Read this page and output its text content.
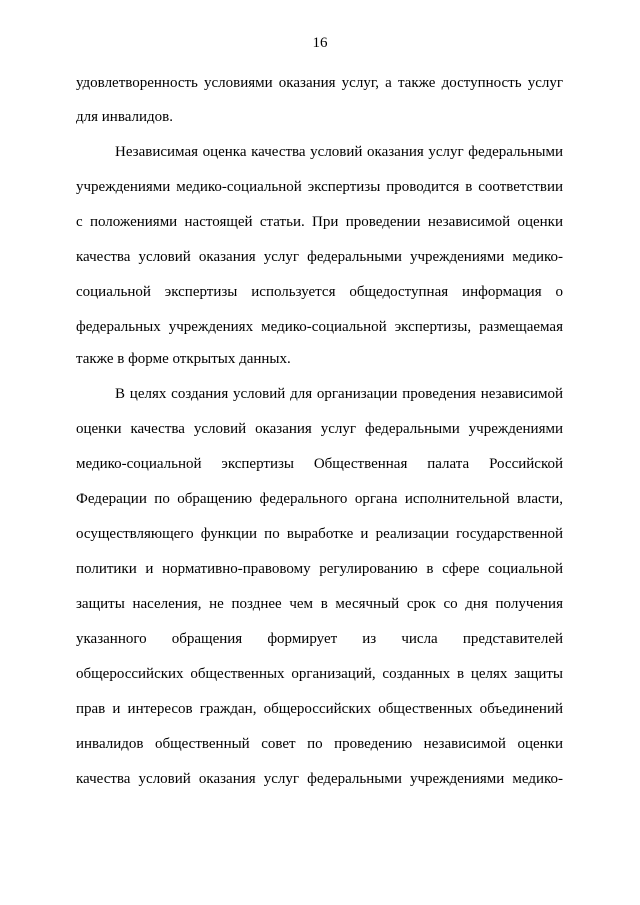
16
удовлетворенность условиями оказания услуг, а также доступность услуг
для инвалидов.
Независимая оценка качества условий оказания услуг федеральными
учреждениями медико-социальной экспертизы проводится в соответствии
с положениями настоящей статьи. При проведении независимой оценки
качества условий оказания услуг федеральными учреждениями медико-
социальной экспертизы используется общедоступная информация о
федеральных учреждениях медико-социальной экспертизы, размещаемая
также в форме открытых данных.
В целях создания условий для организации проведения независимой
оценки качества условий оказания услуг федеральными учреждениями
медико-социальной экспертизы Общественная палата Российской
Федерации по обращению федерального органа исполнительной власти,
осуществляющего функции по выработке и реализации государственной
политики и нормативно-правовому регулированию в сфере социальной
защиты населения, не позднее чем в месячный срок со дня получения
указанного обращения формирует из числа представителей
общероссийских общественных организаций, созданных в целях защиты
прав и интересов граждан, общероссийских общественных объединений
инвалидов общественный совет по проведению независимой оценки
качества условий оказания услуг федеральными учреждениями медико-
